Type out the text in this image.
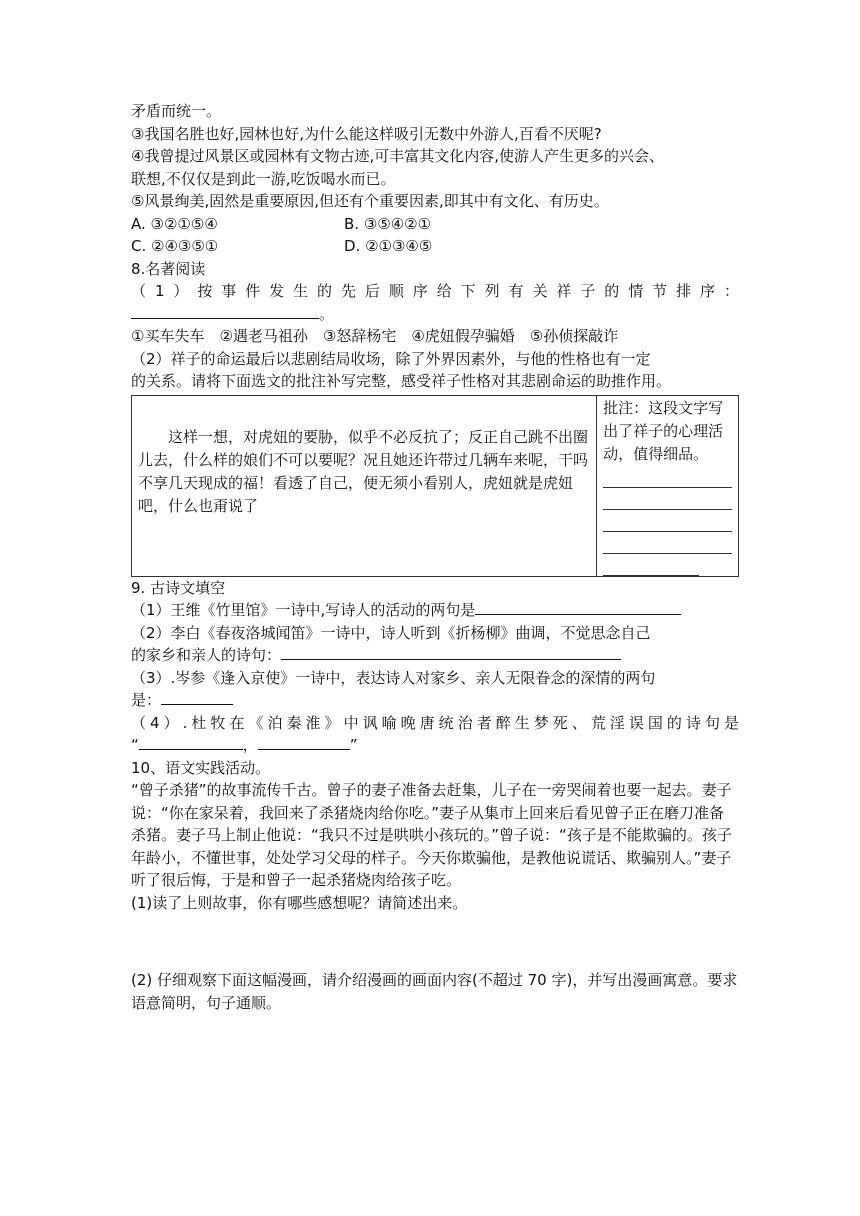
矛盾而统一。
③我国名胜也好,园林也好,为什么能这样吸引无数中外游人,百看不厌呢?
④我曾提过风景区或园林有文物古迹,可丰富其文化内容,使游人产生更多的兴会、
联想,不仅仅是到此一游,吃饭喝水而已。
⑤风景绚美,固然是重要原因,但还有个重要因素,即其中有文化、有历史。
A. ③②①⑤④	B. ③⑤④②①
C. ②④③⑤①	D. ②①③④⑤
8.名著阅读
（1）按事件发生的先后顺序给下列有关祥子的情节排序：
。
①买车失车　②遇老马祖孙　③怒辞杨宅　④虎妞假孕骗婚　⑤孙侦探敲诈
（2）祥子的命运最后以悲剧结局收场，除了外界因素外，与他的性格也有一定
的关系。请将下面选文的批注补写完整，感受祥子性格对其悲剧命运的助推作用。

这样一想，对虎妞的要胁，似乎不必反抗了；反正自己跳不出圈儿去，什么样的娘们不可以要呢？况且她还许带过几辆车来呢，干吗不享几天现成的福！看透了自己，便无须小看别人，虎妞就是虎妞吧，什么也甭说了

批注：这段文字写出了祥子的心理活动，值得细品。
9. 古诗文填空
（1）王维《竹里馆》一诗中,写诗人的活动的两句是
（2）李白《春夜洛城闻笛》一诗中，诗人听到《折杨柳》曲调，不觉思念自己
的家乡和亲人的诗句：
（3）.岑参《逢入京使》一诗中，表达诗人对家乡、亲人无限眷念的深情的两句
是：
（4）.杜牧在《泊秦淮》中讽喻晚唐统治者醉生梦死、荒淫误国的诗句是
“	，	”
10、语文实践活动。

“曾子杀猪”的故事流传千古。曾子的妻子准备去赶集，儿子在一旁哭闹着也要一起去。妻子说：“你在家呆着，我回来了杀猪烧肉给你吃。”妻子从集市上回来后看见曾子正在磨刀准备杀猪。妻子马上制止他说：“我只不过是哄哄小孩玩的。”曾子说：“孩子是不能欺骗的。孩子年龄小，不懂世事，处处学习父母的样子。今天你欺骗他，是教他说谎话、欺骗别人。”妻子听了很后悔，于是和曾子一起杀猪烧肉给孩子吃。

(1)读了上则故事，你有哪些感想呢？请简述出来。

(2) 仔细观察下面这幅漫画，请介绍漫画的画面内容(不超过 70 字)，并写出漫画寓意。要求语意简明，句子通顺。
